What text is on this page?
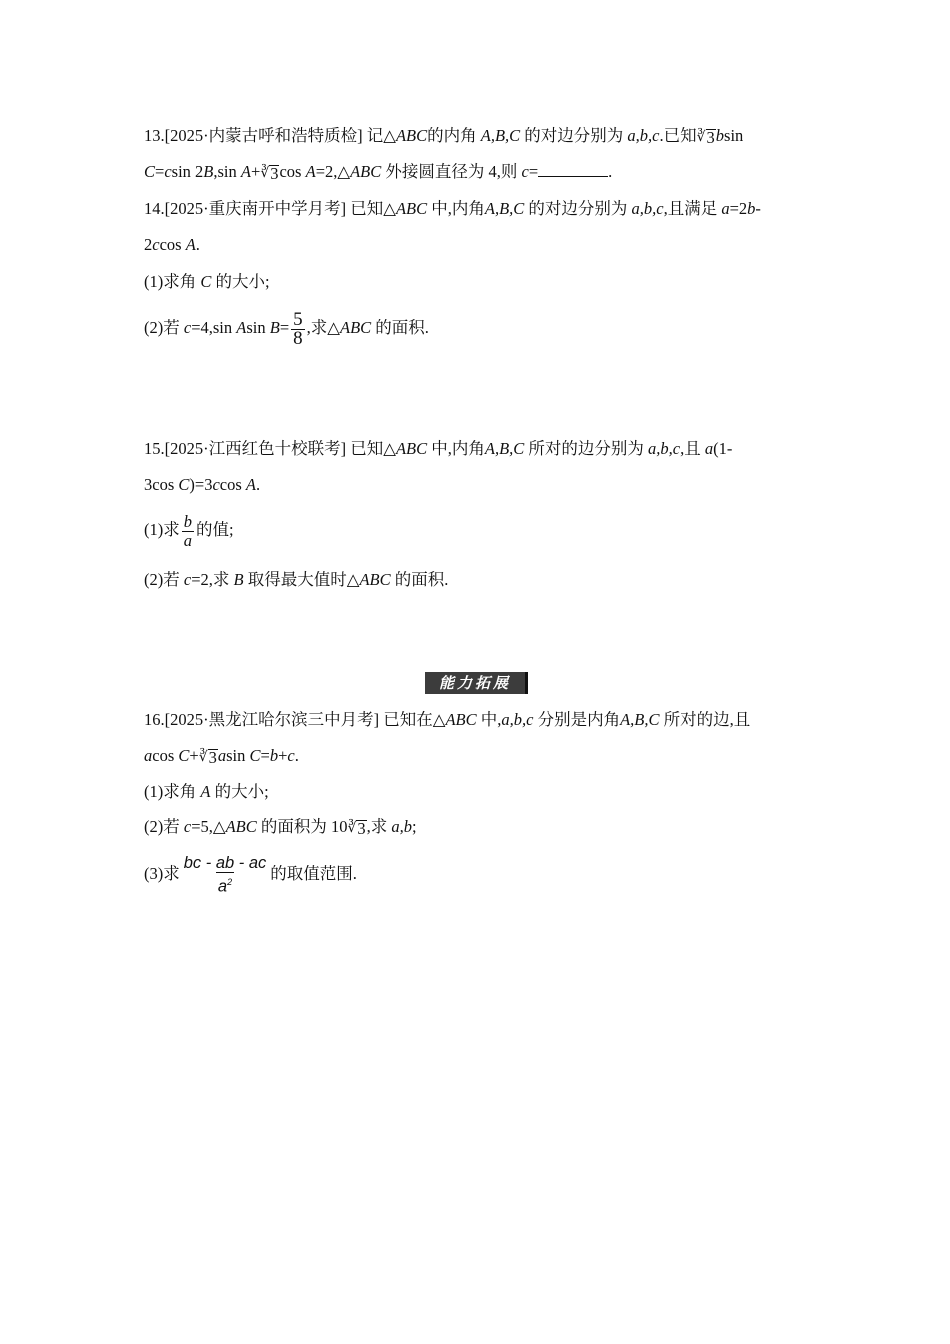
13.[2025·内蒙古呼和浩特质检] 记△ABC的内角 A,B,C 的对边分别为 a,b,c.已知 ∛ 3 bsin
C=csin 2B,sin A+ ∛ 3 cos A=2,△ABC 外接圆直径为 4,则 c=	.
14.[2025·重庆南开中学月考] 已知△ABC 中,内角A,B,C 的对边分别为 a,b,c,且满足 a=2b-
2ccos A.
(1)求角 C 的大小;
(2)若 c=4,sin Asin $B= \frac{5}{8}$ ,求△ABC 的面积.
15.[2025·江西红色十校联考] 已知△ABC 中,内角A,B,C 所对的边分别为 a,b,c,且 a(1-
3cos C)=3ccos A.
(1)求 $\frac{b}{a}$ 的值;
(2)若 c=2,求 B 取得最大值时△ABC 的面积.
能力拓展
16.[2025·黑龙江哈尔滨三中月考] 已知在△ABC 中,a,b,c 分别是内角A,B,C 所对的边,且
acos C+ ∛ 3 asin C=b+c.
(1)求角 A 的大小;
(2)若 c=5,△ABC 的面积为 10 ∛ 3 ,求 a,b;
(3)求 $\frac{bc - ab - ac}{a^2}$ 的取值范围.
